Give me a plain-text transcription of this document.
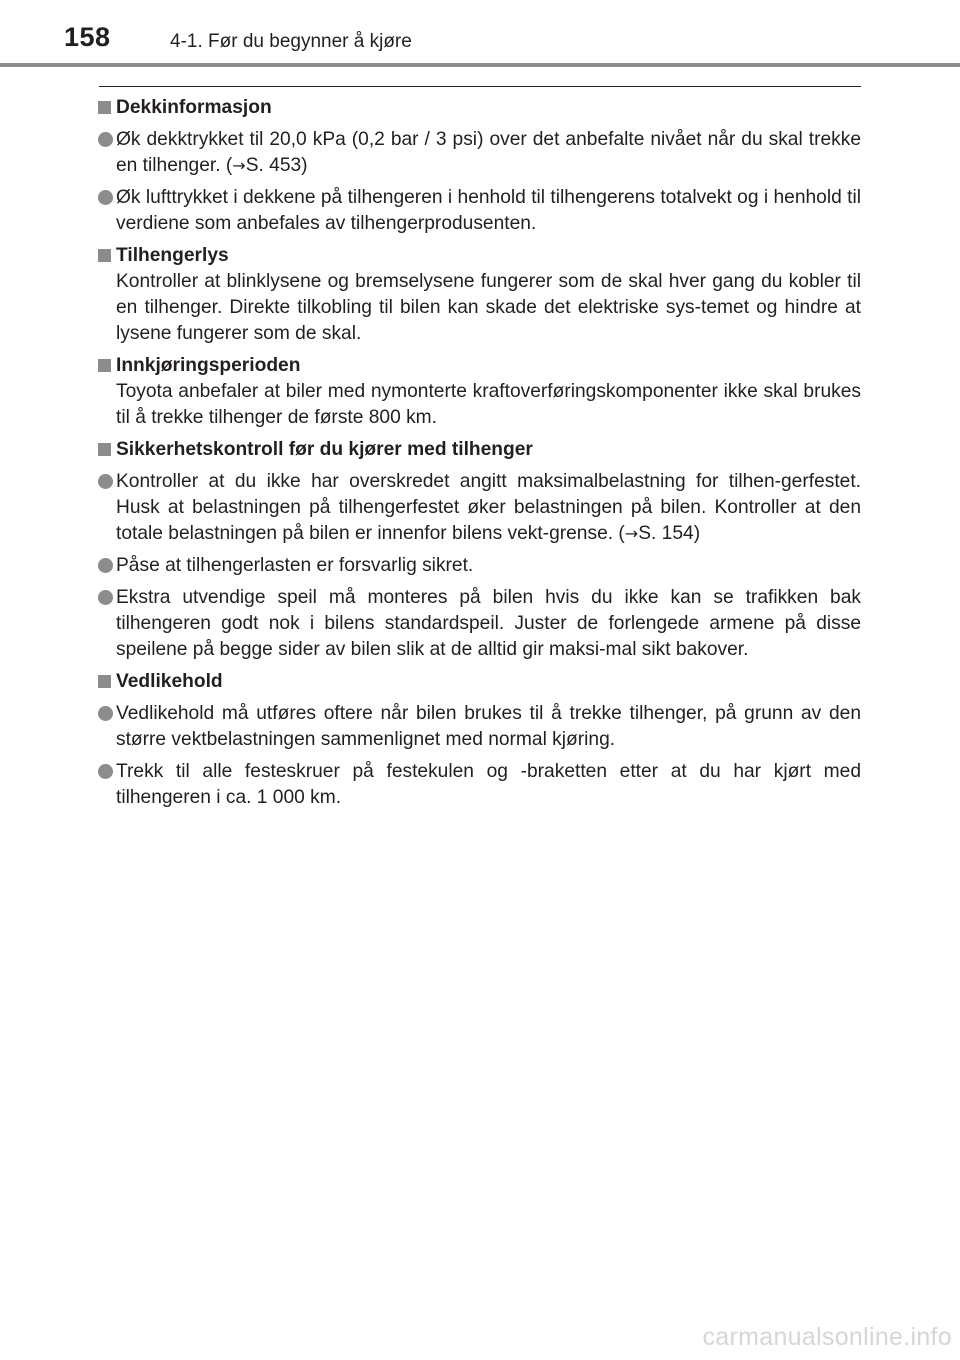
158	4-1. Før du begynner å kjøre
Dekkinformasjon
Øk dekktrykket til 20,0 kPa (0,2 bar / 3 psi) over det anbefalte nivået når du skal trekke en tilhenger. (→S. 453)
Øk lufttrykket i dekkene på tilhengeren i henhold til tilhengerens totalvekt og i henhold til verdiene som anbefales av tilhengerprodusenten.
Tilhengerlys
Kontroller at blinklysene og bremselysene fungerer som de skal hver gang du kobler til en tilhenger. Direkte tilkobling til bilen kan skade det elektriske sys-temet og hindre at lysene fungerer som de skal.
Innkjøringsperioden
Toyota anbefaler at biler med nymonterte kraftoverføringskomponenter ikke skal brukes til å trekke tilhenger de første 800 km.
Sikkerhetskontroll før du kjører med tilhenger
Kontroller at du ikke har overskredet angitt maksimalbelastning for tilhen-gerfestet. Husk at belastningen på tilhengerfestet øker belastningen på bilen. Kontroller at den totale belastningen på bilen er innenfor bilens vekt-grense. (→S. 154)
Påse at tilhengerlasten er forsvarlig sikret.
Ekstra utvendige speil må monteres på bilen hvis du ikke kan se trafikken bak tilhengeren godt nok i bilens standardspeil. Juster de forlengede armene på disse speilene på begge sider av bilen slik at de alltid gir maksi-mal sikt bakover.
Vedlikehold
Vedlikehold må utføres oftere når bilen brukes til å trekke tilhenger, på grunn av den større vektbelastningen sammenlignet med normal kjøring.
Trekk til alle festeskruer på festekulen og -braketten etter at du har kjørt med tilhengeren i ca. 1 000 km.
carmanualsonline.info
